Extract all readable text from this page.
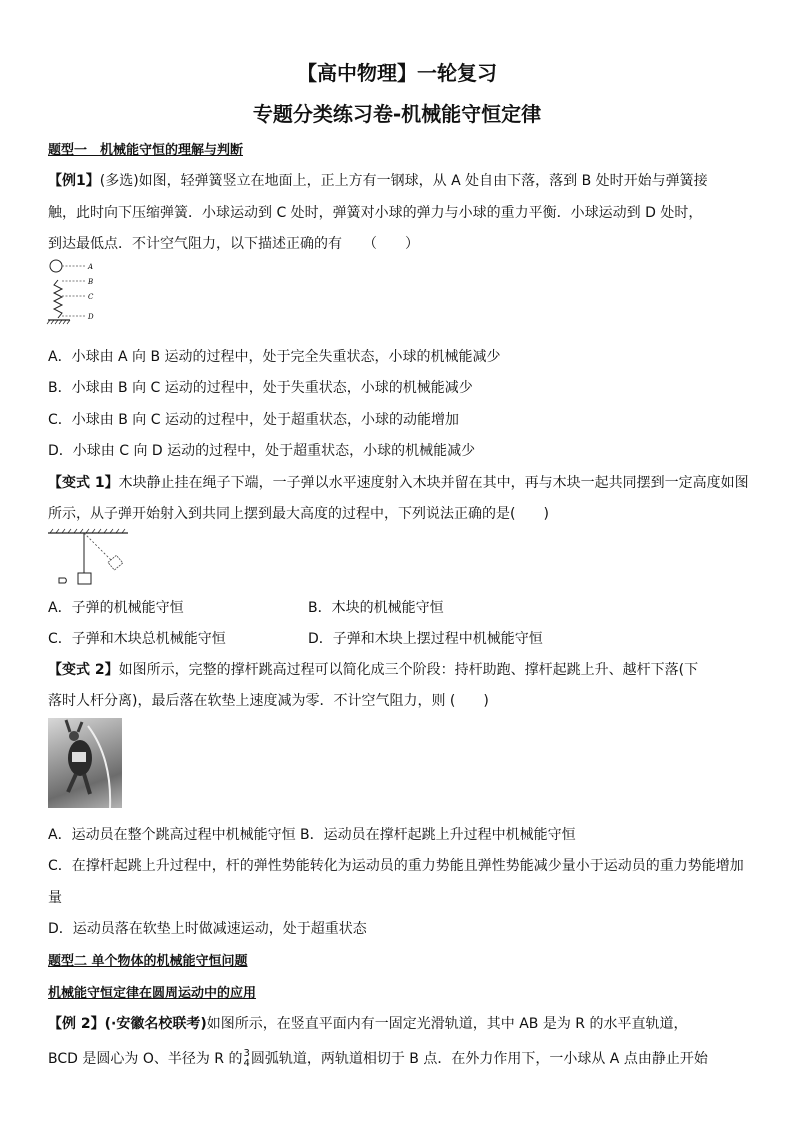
【高中物理】一轮复习
专题分类练习卷-机械能守恒定律
题型一　机械能守恒的理解与判断
【例1】(多选)如图，轻弹簧竖立在地面上，正上方有一钢球，从 A 处自由下落，落到 B 处时开始与弹簧接
触，此时向下压缩弹簧．小球运动到 C 处时，弹簧对小球的弹力与小球的重力平衡．小球运动到 D 处时，
到达最低点．不计空气阻力，以下描述正确的有　　（　　）
A
B
C
D
A．小球由 A 向 B 运动的过程中，处于完全失重状态，小球的机械能减少
B．小球由 B 向 C 运动的过程中，处于失重状态，小球的机械能减少
C．小球由 B 向 C 运动的过程中，处于超重状态，小球的动能增加
D．小球由 C 向 D 运动的过程中，处于超重状态，小球的机械能减少
【变式 1】木块静止挂在绳子下端，一子弹以水平速度射入木块并留在其中，再与木块一起共同摆到一定高度如图
所示，从子弹开始射入到共同上摆到最大高度的过程中，下列说法正确的是(　　)
A．子弹的机械能守恒	B．木块的机械能守恒
C．子弹和木块总机械能守恒	D．子弹和木块上摆过程中机械能守恒
【变式 2】如图所示，完整的撑杆跳高过程可以简化成三个阶段：持杆助跑、撑杆起跳上升、越杆下落(下
落时人杆分离)，最后落在软垫上速度减为零．不计空气阻力，则 (　　)
A．运动员在整个跳高过程中机械能守恒 B．运动员在撑杆起跳上升过程中机械能守恒
C．在撑杆起跳上升过程中，杆的弹性势能转化为运动员的重力势能且弹性势能减少量小于运动员的重力势能增加
量
D．运动员落在软垫上时做减速运动，处于超重状态
题型二 单个物体的机械能守恒问题
机械能守恒定律在圆周运动中的应用
【例 2】(·安徽名校联考)如图所示，在竖直平面内有一固定光滑轨道，其中 AB 是为 R 的水平直轨道，
BCD 是圆心为 O、半径为 R 的 3
4 圆弧轨道，两轨道相切于 B 点．在外力作用下，一小球从 A 点由静止开始
